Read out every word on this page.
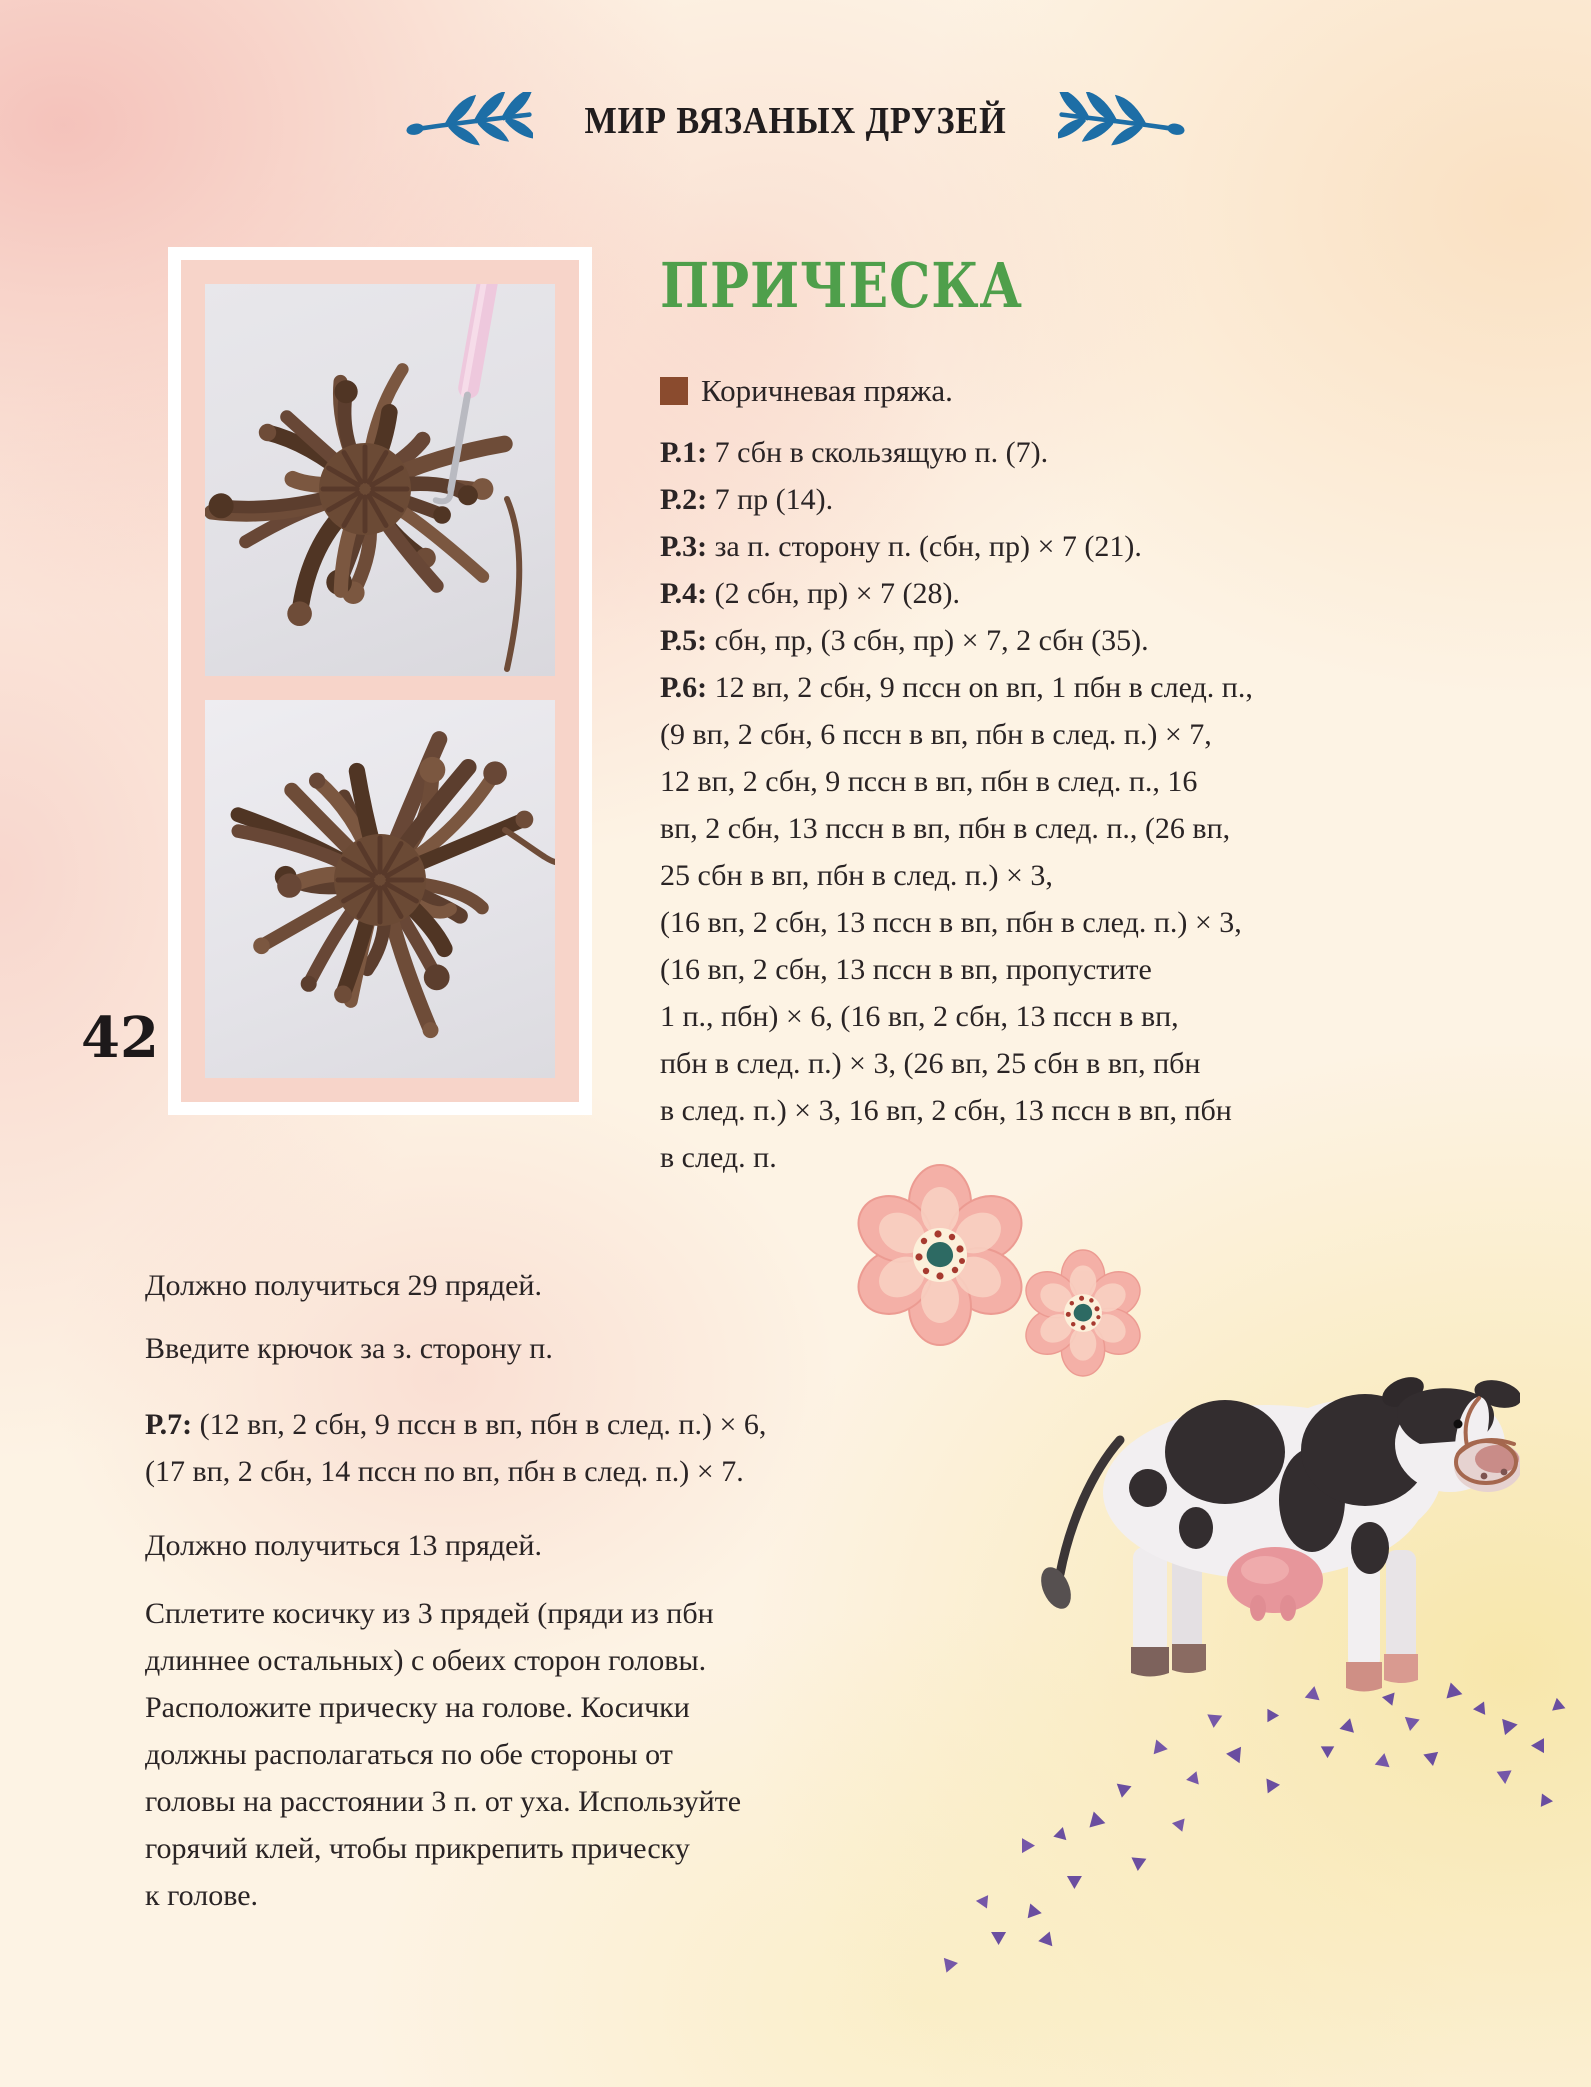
МИР ВЯЗАНЫХ ДРУЗЕЙ
42
ПРИЧЕСКА
Коричневая пряжа.
Р.1: 7 сбн в скользящую п. (7).
Р.2: 7 пр (14).
Р.3: за п. сторону п. (сбн, пр) × 7 (21).
Р.4: (2 сбн, пр) × 7 (28).
Р.5: сбн, пр, (3 сбн, пр) × 7, 2 сбн (35).
Р.6: 12 вп, 2 сбн, 9 пссн on вп, 1 пбн в след. п.,
(9 вп, 2 сбн, 6 пссн в вп, пбн в след. п.) × 7,
12 вп, 2 сбн, 9 пссн в вп, пбн в след. п., 16
вп, 2 сбн, 13 пссн в вп, пбн в след. п., (26 вп,
25 сбн в вп, пбн в след. п.) × 3,
(16 вп, 2 сбн, 13 пссн в вп, пбн в след. п.) × 3,
(16 вп, 2 сбн, 13 пссн в вп, пропустите
1 п., пбн) × 6, (16 вп, 2 сбн, 13 пссн в вп,
пбн в след. п.) × 3, (26 вп, 25 сбн в вп, пбн
в след. п.) × 3, 16 вп, 2 сбн, 13 пссн в вп, пбн
в след. п.
Должно получиться 29 прядей.
Введите крючок за з. сторону п.
Р.7: (12 вп, 2 сбн, 9 пссн в вп, пбн в след. п.) × 6,
(17 вп, 2 сбн, 14 пссн по вп, пбн в след. п.) × 7.
Должно получиться 13 прядей.
Сплетите косичку из 3 прядей (пряди из пбн
длиннее остальных) с обеих сторон головы.
Расположите прическу на голове. Косички
должны располагаться по обе стороны от
головы на расстоянии 3 п. от уха. Используйте
горячий клей, чтобы прикрепить прическу
к голове.
